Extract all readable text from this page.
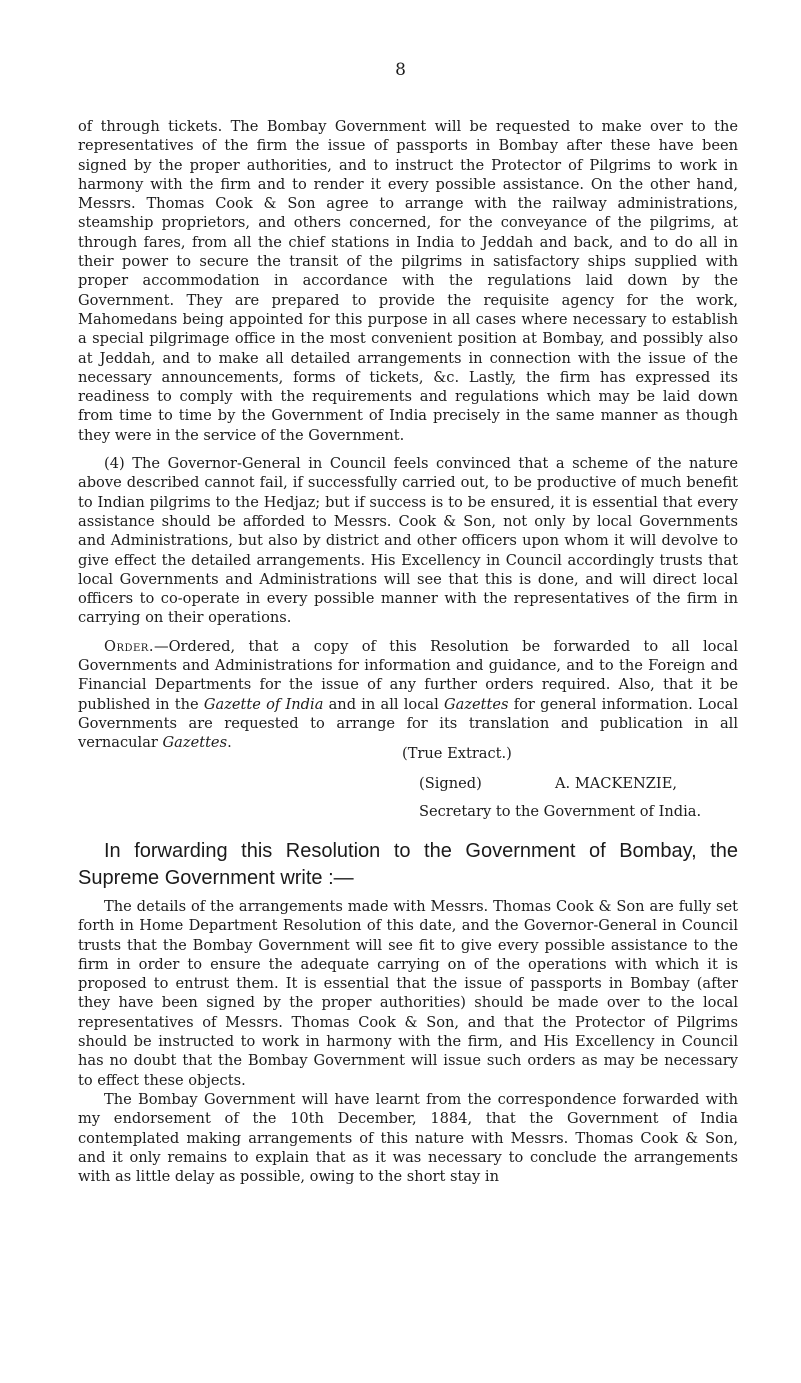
8

of through tickets. The Bombay Government will be requested to make over to the representatives of the firm the issue of passports in Bombay after these have been signed by the proper authorities, and to instruct the Protector of Pilgrims to work in harmony with the firm and to render it every possible assistance. On the other hand, Messrs. Thomas Cook & Son agree to arrange with the railway administrations, steamship proprietors, and others concerned, for the conveyance of the pilgrims, at through fares, from all the chief stations in India to Jeddah and back, and to do all in their power to secure the transit of the pilgrims in satisfactory ships supplied with proper accommodation in accordance with the regulations laid down by the Government. They are prepared to provide the requisite agency for the work, Mahomedans being appointed for this purpose in all cases where necessary to establish a special pilgrimage office in the most convenient position at Bombay, and possibly also at Jeddah, and to make all detailed arrangements in connection with the issue of the necessary announcements, forms of tickets, &c. Lastly, the firm has expressed its readiness to comply with the requirements and regulations which may be laid down from time to time by the Government of India precisely in the same manner as though they were in the service of the Government.

(4) The Governor-General in Council feels convinced that a scheme of the nature above described cannot fail, if successfully carried out, to be productive of much benefit to Indian pilgrims to the Hedjaz; but if success is to be ensured, it is essential that every assistance should be afforded to Messrs. Cook & Son, not only by local Governments and Administrations, but also by district and other officers upon whom it will devolve to give effect the detailed arrangements. His Excellency in Council accordingly trusts that local Governments and Administrations will see that this is done, and will direct local officers to co-operate in every possible manner with the representatives of the firm in carrying on their operations.

Order.—Ordered, that a copy of this Resolution be forwarded to all local Governments and Administrations for information and guidance, and to the Foreign and Financial Departments for the issue of any further orders required. Also, that it be published in the Gazette of India and in all local Gazettes for general information. Local Governments are requested to arrange for its translation and publication in all vernacular Gazettes.

(True Extract.)
(Signed)	A. MACKENZIE,
Secretary to the Government of India.
In forwarding this Resolution to the Government of Bombay, the Supreme Government write :—

The details of the arrangements made with Messrs. Thomas Cook & Son are fully set forth in Home Department Resolution of this date, and the Governor-General in Council trusts that the Bombay Government will see fit to give every possible assistance to the firm in order to ensure the adequate carrying on of the operations with which it is proposed to entrust them. It is essential that the issue of passports in Bombay (after they have been signed by the proper authorities) should be made over to the local representatives of Messrs. Thomas Cook & Son, and that the Protector of Pilgrims should be instructed to work in harmony with the firm, and His Excellency in Council has no doubt that the Bombay Government will issue such orders as may be necessary to effect these objects.

The Bombay Government will have learnt from the correspondence forwarded with my endorsement of the 10th December, 1884, that the Government of India contemplated making arrangements of this nature with Messrs. Thomas Cook & Son, and it only remains to explain that as it was necessary to conclude the arrangements with as little delay as possible, owing to the short stay in
